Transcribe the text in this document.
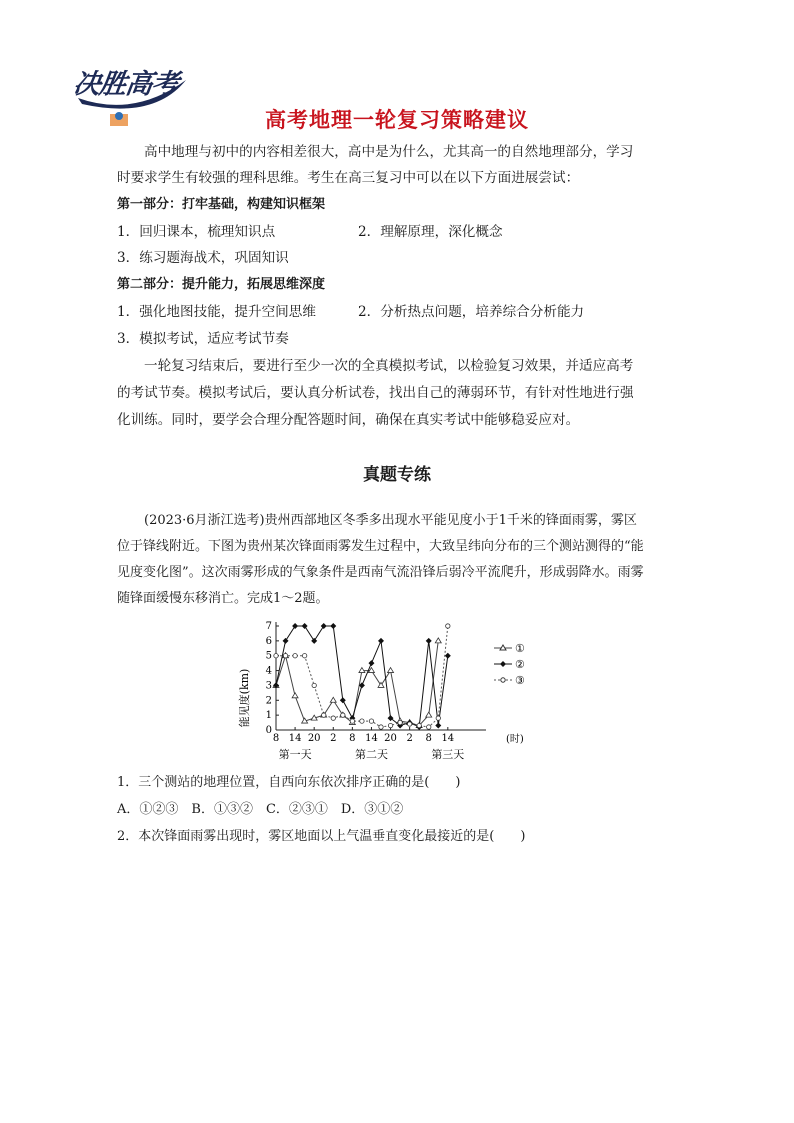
决胜高考
高考地理一轮复习策略建议
高中地理与初中的内容相差很大，高中是为什么，尤其高一的自然地理部分，学习
时要求学生有较强的理科思维。考生在高三复习中可以在以下方面进展尝试：
第一部分：打牢基础，构建知识框架
1．回归课本，梳理知识点	2．理解原理，深化概念
3．练习题海战术，巩固知识
第二部分：提升能力，拓展思维深度
1．强化地图技能，提升空间思维	2．分析热点问题，培养综合分析能力
3．模拟考试，适应考试节奏
一轮复习结束后，要进行至少一次的全真模拟考试，以检验复习效果，并适应高考
的考试节奏。模拟考试后，要认真分析试卷，找出自己的薄弱环节，有针对性地进行强
化训练。同时，要学会合理分配答题时间，确保在真实考试中能够稳妥应对。
真题专练
(2023·6月浙江选考)贵州西部地区冬季多出现水平能见度小于1千米的锋面雨雾，雾区
位于锋线附近。下图为贵州某次锋面雨雾发生过程中，大致呈纬向分布的三个测站测得的“能
见度变化图”。这次雨雾形成的气象条件是西南气流沿锋后弱冷平流爬升，形成弱降水。雨雾
随锋面缓慢东移消亡。完成1～2题。
0
1
2
3
4
5
6
7
8 14 20 2 8 14 20 2 8 14
第一天	第二天	第三天
①
②
③
能见度(km)
(时)
1．三个测站的地理位置，自西向东依次排序正确的是(　　)
A．①②③　B．①③②　C．②③①　D．③①②
2．本次锋面雨雾出现时，雾区地面以上气温垂直变化最接近的是(　　)
